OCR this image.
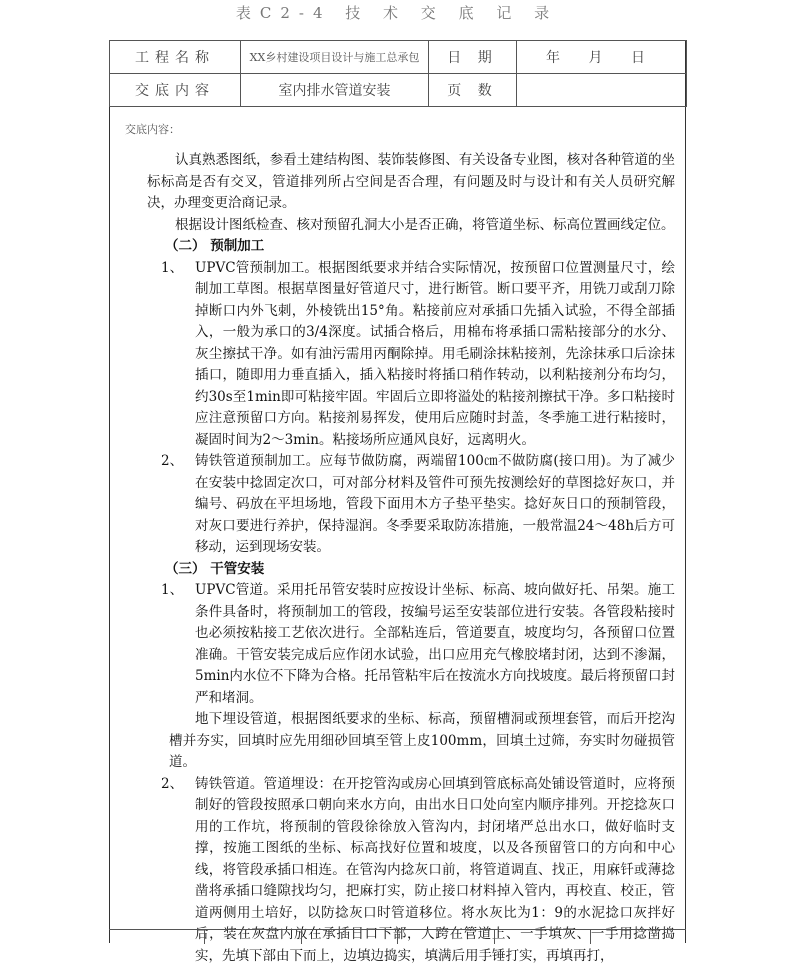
表C2-4 技 术 交 底 记 录
工程名称	XX乡村建设项目设计与施工总承包	日 期	年 月 日
交底内容	室内排水管道安装	页 数	
交底内容：

认真熟悉图纸，参看土建结构图、装饰装修图、有关设备专业图，核对各种管道的坐标标高是否有交叉，管道排列所占空间是否合理，有问题及时与设计和有关人员研究解决，办理变更洽商记录。

根据设计图纸检查、核对预留孔洞大小是否正确，将管道坐标、标高位置画线定位。

（二） 预制加工

1、 UPVC管预制加工。根据图纸要求并结合实际情况，按预留口位置测量尺寸，绘制加工草图。根据草图量好管道尺寸，进行断管。断口要平齐，用铣刀或刮刀除掉断口内外飞刺，外棱铣出15°角。粘接前应对承插口先插入试验，不得全部插入，一般为承口的3/4深度。试插合格后，用棉布将承插口需粘接部分的水分、灰尘擦拭干净。如有油污需用丙酮除掉。用毛刷涂抹粘接剂，先涂抹承口后涂抹插口，随即用力垂直插入，插入粘接时将插口稍作转动，以利粘接剂分布均匀，约30s至1min即可粘接牢固。牢固后立即将溢处的粘接剂擦拭干净。多口粘接时应注意预留口方向。粘接剂易挥发，使用后应随时封盖，冬季施工进行粘接时，凝固时间为2～3min。粘接场所应通风良好，远离明火。

2、 铸铁管道预制加工。应每节做防腐，两端留100㎝不做防腐(接口用)。为了减少在安装中捻固定次口，可对部分材料及管件可预先按测绘好的草图捻好灰口，并编号、码放在平坦场地，管段下面用木方子垫平垫实。捻好灰日口的预制管段，对灰口要进行养护，保持湿润。冬季要采取防冻措施，一般常温24～48h后方可移动，运到现场安装。

（三） 干管安装

1、 UPVC管道。采用托吊管安装时应按设计坐标、标高、坡向做好托、吊架。施工条件具备时，将预制加工的管段，按编号运至安装部位进行安装。各管段粘接时也必须按粘接工艺依次进行。全部粘连后，管道要直，坡度均匀，各预留口位置准确。干管安装完成后应作闭水试验，出口应用充气橡胶堵封闭，达到不渗漏，5min内水位不下降为合格。托吊管粘牢后在按流水方向找坡度。最后将预留口封严和堵洞。

地下埋设管道，根据图纸要求的坐标、标高，预留槽洞或预埋套管，而后开挖沟槽并夯实，回填时应先用细砂回填至管上皮100mm，回填土过筛，夯实时勿碰损管道。

2、 铸铁管道。管道埋设：在开挖管沟或房心回填到管底标高处铺设管道时，应将预制好的管段按照承口朝向来水方向，由出水日口处向室内顺序排列。开挖捻灰口用的工作坑，将预制的管段徐徐放入管沟内，封闭堵严总出水口，做好临时支撑，按施工图纸的坐标、标高找好位置和坡度，以及各预留管口的方向和中心线，将管段承插口相连。在管沟内捻灰口前，将管道调直、找正，用麻钎或薄捻凿将承插口缝隙找均匀，把麻打实，防止接口材料掉入管内，再校直、校正，管道两侧用土培好，以防捻灰口时管道移位。将水灰比为1：9的水泥捻口灰拌好后，装在灰盘内放在承插日口下部，人跨在管道上、一手填灰、一手用捻凿捣实，先填下部由下而上，边填边捣实，填满后用手锤打实，再填再打，
